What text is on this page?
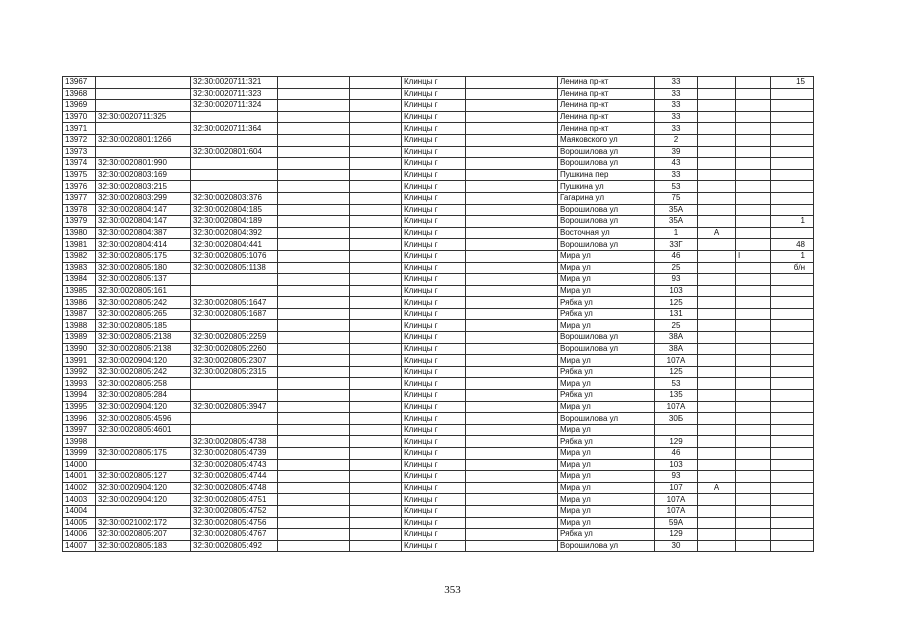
13967		32:30:0020711:321			Клинцы г		Ленина пр-кт	33			15
13968		32:30:0020711:323			Клинцы г		Ленина пр-кт	33			
13969		32:30:0020711:324			Клинцы г		Ленина пр-кт	33			
13970	32:30:0020711:325				Клинцы г		Ленина пр-кт	33			
13971		32:30:0020711:364			Клинцы г		Ленина пр-кт	33			
13972	32:30:0020801:1266				Клинцы г		Маяковского ул	2			
13973		32:30:0020801:604			Клинцы г		Ворошилова ул	39			
13974	32:30:0020801:990				Клинцы г		Ворошилова ул	43			
13975	32:30:0020803:169				Клинцы г		Пушкина пер	33			
13976	32:30:0020803:215				Клинцы г		Пушкина ул	53			
13977	32:30:0020803:299	32:30:0020803:376			Клинцы г		Гагарина ул	75			
13978	32:30:0020804:147	32:30:0020804:185			Клинцы г		Ворошилова ул	35А			
13979	32:30:0020804:147	32:30:0020804:189			Клинцы г		Ворошилова ул	35А			1
13980	32:30:0020804:387	32:30:0020804:392			Клинцы г		Восточная ул	1	А		
13981	32:30:0020804:414	32:30:0020804:441			Клинцы г		Ворошилова ул	33Г			48
13982	32:30:0020805:175	32:30:0020805:1076			Клинцы г		Мира ул	46		I	1
13983	32:30:0020805:180	32:30:0020805:1138			Клинцы г		Мира ул	25			б/н
13984	32:30:0020805:137				Клинцы г		Мира ул	93			
13985	32:30:0020805:161				Клинцы г		Мира ул	103			
13986	32:30:0020805:242	32:30:0020805:1647			Клинцы г		Рябка ул	125			
13987	32:30:0020805:265	32:30:0020805:1687			Клинцы г		Рябка ул	131			
13988	32:30:0020805:185				Клинцы г		Мира ул	25			
13989	32:30:0020805:2138	32:30:0020805:2259			Клинцы г		Ворошилова ул	38А			
13990	32:30:0020805:2138	32:30:0020805:2260			Клинцы г		Ворошилова ул	38А			
13991	32:30:0020904:120	32:30:0020805:2307			Клинцы г		Мира ул	107А			
13992	32:30:0020805:242	32:30:0020805:2315			Клинцы г		Рябка ул	125			
13993	32:30:0020805:258				Клинцы г		Мира ул	53			
13994	32:30:0020805:284				Клинцы г		Рябка ул	135			
13995	32:30:0020904:120	32:30:0020805:3947			Клинцы г		Мира ул	107А			
13996	32:30:0020805:4596				Клинцы г		Ворошилова ул	30Б			
13997	32:30:0020805:4601				Клинцы г		Мира ул				
13998		32:30:0020805:4738			Клинцы г		Рябка ул	129			
13999	32:30:0020805:175	32:30:0020805:4739			Клинцы г		Мира ул	46			
14000		32:30:0020805:4743			Клинцы г		Мира ул	103			
14001	32:30:0020805:127	32:30:0020805:4744			Клинцы г		Мира ул	93			
14002	32:30:0020904:120	32:30:0020805:4748			Клинцы г		Мира ул	107	А		
14003	32:30:0020904:120	32:30:0020805:4751			Клинцы г		Мира ул	107А			
14004		32:30:0020805:4752			Клинцы г		Мира ул	107А			
14005	32:30:0021002:172	32:30:0020805:4756			Клинцы г		Мира ул	59А			
14006	32:30:0020805:207	32:30:0020805:4767			Клинцы г		Рябка ул	129			
14007	32:30:0020805:183	32:30:0020805:492			Клинцы г		Ворошилова ул	30			
353
